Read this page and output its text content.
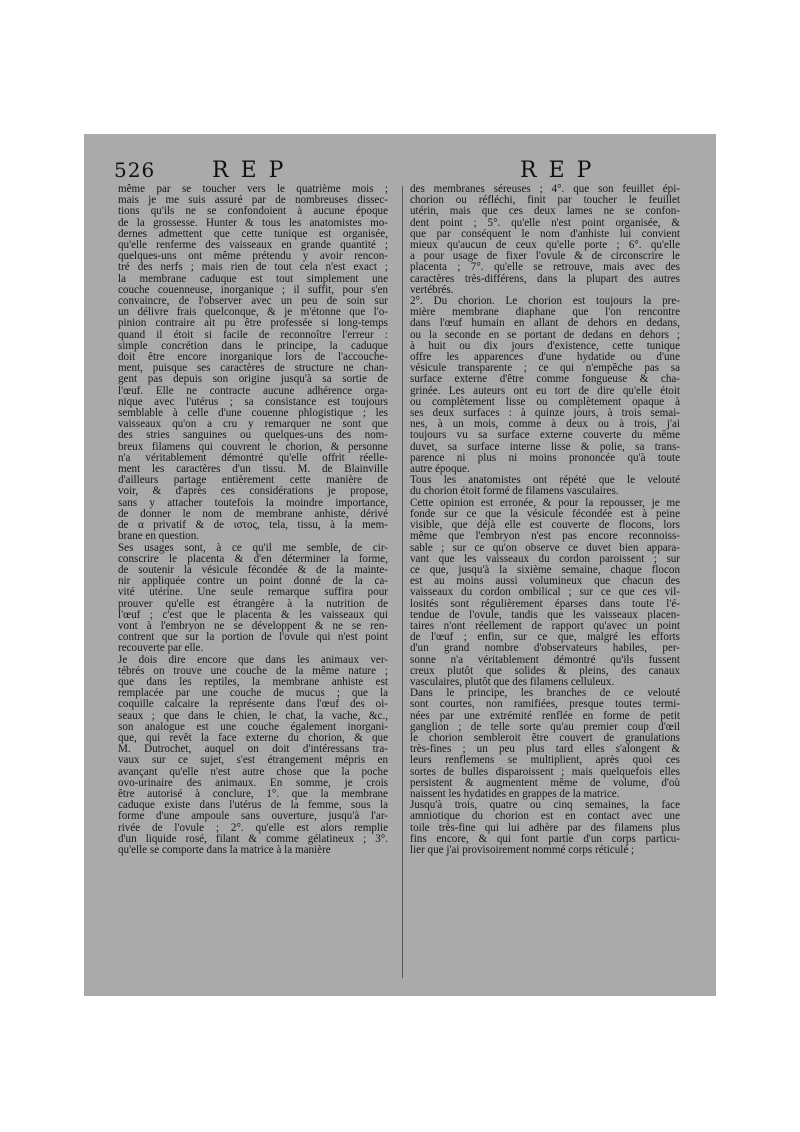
526	REP	REP
même par se toucher vers le quatrième mois ;
mais je me suis assuré par de nombreuses dissec-
tions qu'ils ne se confondoient à aucune époque
de la grossesse. Hunter & tous les anatomistes mo-
dernes admettent que cette tunique est organisée,
qu'elle renferme des vaisseaux en grande quantité ;
quelques-uns ont même prétendu y avoir rencon-
tré des nerfs ; mais rien de tout cela n'est exact ;
la membrane caduque est tout simplement une
couche couenneuse, inorganique ; il suffit, pour s'en
convaincre, de l'observer avec un peu de soin sur
un délivre frais quelconque, & je m'étonne que l'o-
pinion contraire ait pu être professée si long-temps
quand il étoit si facile de reconnoître l'erreur :
simple concrétion dans le principe, la caduque
doit être encore inorganique lors de l'accouche-
ment, puisque ses caractères de structure ne chan-
gent pas depuis son origine jusqu'à sa sortie de
l'œuf. Elle ne contracte aucune adhérence orga-
nique avec l'utérus ; sa consistance est toujours
semblable à celle d'une couenne phlogistique ; les
vaisseaux qu'on a cru y remarquer ne sont que
des stries sanguines ou quelques-uns des nom-
breux filamens qui couvrent le chorion, & personne
n'a véritablement démontré qu'elle offrit réelle-
ment les caractères d'un tissu. M. de Blainville
d'ailleurs partage entièrement cette manière de
voir, & d'après ces considérations je propose,
sans y attacher toutefois la moindre importance,
de donner le nom de membrane anhiste, dérivé
de α privatif & de ιστος, tela, tissu, à la mem-
brane en question.
Ses usages sont, à ce qu'il me semble, de cir-
conscrire le placenta & d'en déterminer la forme,
de soutenir la vésicule fécondée & de la mainte-
nir appliquée contre un point donné de la ca-
vité utérine. Une seule remarque suffira pour
prouver qu'elle est étrangère à la nutrition de
l'œuf ; c'est que le placenta & les vaisseaux qui
vont à l'embryon ne se développent & ne se ren-
contrent que sur la portion de l'ovule qui n'est point
recouverte par elle.
Je dois dire encore que dans les animaux ver-
tébrés on trouve une couche de la même nature ;
que dans les reptiles, la membrane anhiste est
remplacée par une couche de mucus ; que la
coquille calcaire la représente dans l'œuf des oi-
seaux ; que dans le chien, le chat, la vache, &c.,
son analogue est une couche également inorgani-
que, qui revêt la face externe du chorion, & que
M. Dutrochet, auquel on doit d'intéressans tra-
vaux sur ce sujet, s'est étrangement mépris en
avançant qu'elle n'est autre chose que la poche
ovo-urinaire des animaux. En somme, je crois
être autorisé à conclure, 1°. que la membrane
caduque existe dans l'utérus de la femme, sous la
forme d'une ampoule sans ouverture, jusqu'à l'ar-
rivée de l'ovule ; 2°. qu'elle est alors remplie
d'un liquide rosé, filant & comme gélatineux ; 3°.
qu'elle se comporte dans la matrice à la manière
des membranes séreuses ; 4°. que son feuillet épi-
chorion ou réfléchi, finit par toucher le feuillet
utérin, mais que ces deux lames ne se confon-
dent point ; 5°. qu'elle n'est point organisée, &
que par conséquent le nom d'anhiste lui convient
mieux qu'aucun de ceux qu'elle porte ; 6°. qu'elle
a pour usage de fixer l'ovule & de circonscrire le
placenta ; 7°. qu'elle se retrouve, mais avec des
caractères très-différens, dans la plupart des autres
vertébrés.
2°. Du chorion. Le chorion est toujours la pre-
mière membrane diaphane que l'on rencontre
dans l'œuf humain en allant de dehors en dedans,
ou la seconde en se portant de dedans en dehors ;
à huit ou dix jours d'existence, cette tunique
offre les apparences d'une hydatide ou d'une
vésicule transparente ; ce qui n'empêche pas sa
surface externe d'être comme fongueuse & cha-
grinée. Les auteurs ont eu tort de dire qu'elle étoit
ou complètement lisse ou complètement opaque à
ses deux surfaces : à quinze jours, à trois semai-
nes, à un mois, comme à deux ou à trois, j'ai
toujours vu sa surface externe couverte du même
duvet, sa surface interne lisse & polie, sa trans-
parence ni plus ni moins prononcée qu'à toute
autre époque.
Tous les anatomistes ont répété que le velouté
du chorion étoit formé de filamens vasculaires.
Cette opinion est erronée, & pour la repousser, je me
fonde sur ce que la vésicule fécondée est à peine
visible, que déjà elle est couverte de flocons, lors
même que l'embryon n'est pas encore reconnoiss-
sable ; sur ce qu'on observe ce duvet bien appara-
vant que les vaisseaux du cordon paroissent ; sur
ce que, jusqu'à la sixième semaine, chaque flocon
est au moins aussi volumineux que chacun des
vaisseaux du cordon ombilical ; sur ce que ces vil-
losités sont régulièrement éparses dans toute l'é-
tendue de l'ovule, tandis que les vaisseaux placen-
taires n'ont réellement de rapport qu'avec un point
de l'œuf ; enfin, sur ce que, malgré les efforts
d'un grand nombre d'observateurs habiles, per-
sonne n'a véritablement démontré qu'ils fussent
creux plutôt que solides & pleins, des canaux
vasculaires, plutôt que des filamens celluleux.
Dans le principe, les branches de ce velouté
sont courtes, non ramifiées, presque toutes termi-
nées par une extrémité renflée en forme de petit
ganglion ; de telle sorte qu'au premier coup d'œil
le chorion sembleroit être couvert de granulations
très-fines ; un peu plus tard elles s'alongent &
leurs renflemens se multiplient, après quoi ces
sortes de bulles disparoissent ; mais quelquefois elles
persistent & augmentent même de volume, d'où
naissent les hydatides en grappes de la matrice.
Jusqu'à trois, quatre ou cinq semaines, la face
amniotique du chorion est en contact avec une
toile très-fine qui lui adhère par des filamens plus
fins encore, & qui font partie d'un corps particu-
lier que j'ai provisoirement nommé corps réticulé ;
